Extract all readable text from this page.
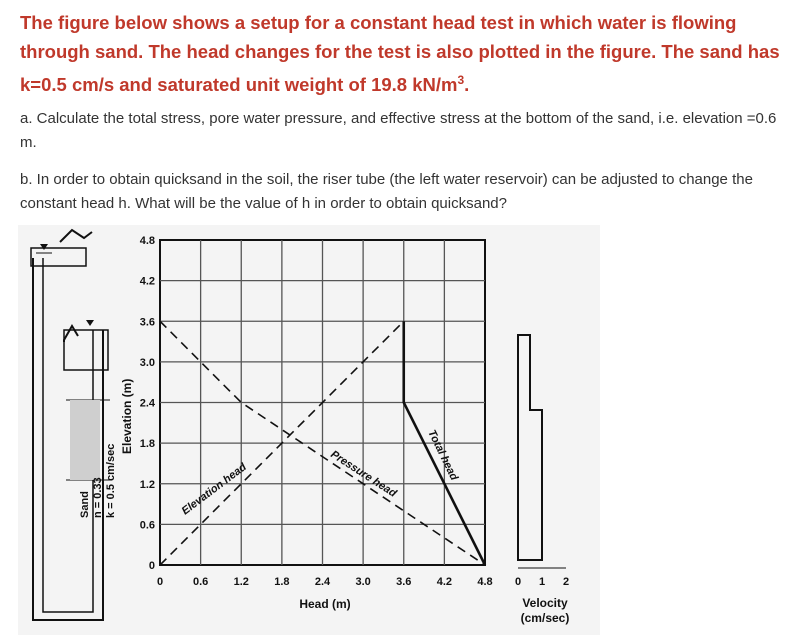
The figure below shows a setup for a constant head test in which water is flowing through sand. The head changes for the test is also plotted in the figure. The sand has k=0.5 cm/s and saturated unit weight of 19.8 $kN/m^3$.
a. Calculate the total stress, pore water pressure, and effective stress at the bottom of the sand, i.e. elevation =0.6 m.
b. In order to obtain quicksand in the soil, the riser tube (the left water reservoir) can be adjusted to change the constant head h. What will be the value of h in order to obtain quicksand?
Sand n = 0.33 k = 0.5 cm/sec
0	0.6 1.2 1.8 2.4 3.0 3.6 4.2 4.8
0
0.6
1.2
1.8
2.4
3.0
3.6
4.2
4.8
Head (m)
Elevation (m)
Elevation head	Pressure head Total head
0 1 2
Velocity
(cm/sec)
